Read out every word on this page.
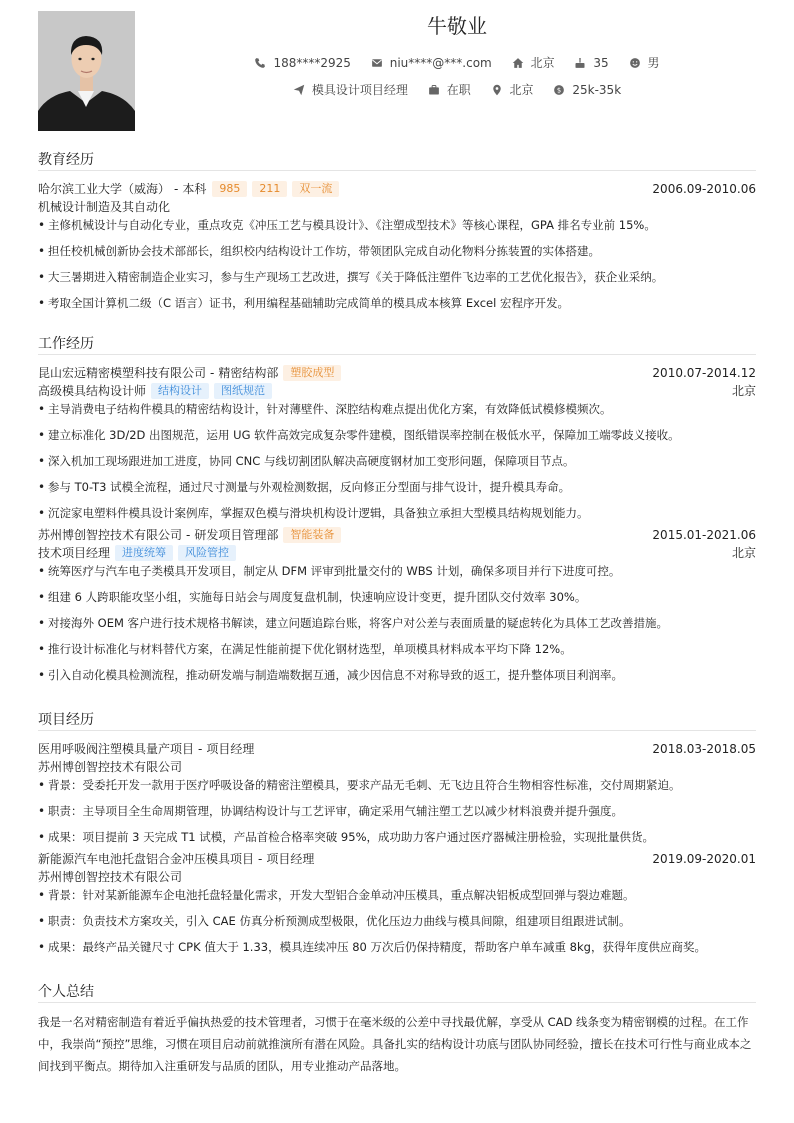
牛敬业
188****2925	niu****@***.com	北京	35	男
模具设计项目经理	在职	北京	$ 25k-35k
教育经历
哈尔滨工业大学（威海） - 本科	985	211	双一流	2006.09-2010.06
机械设计制造及其自动化
• 主修机械设计与自动化专业，重点攻克《冲压工艺与模具设计》、《注塑成型技术》等核心课程，GPA 排名专业前 15%。
• 担任校机械创新协会技术部部长，组织校内结构设计工作坊，带领团队完成自动化物料分拣装置的实体搭建。
• 大三暑期进入精密制造企业实习，参与生产现场工艺改进，撰写《关于降低注塑件飞边率的工艺优化报告》，获企业采纳。
• 考取全国计算机二级（C 语言）证书，利用编程基础辅助完成简单的模具成本核算 Excel 宏程序开发。
工作经历
昆山宏远精密模塑科技有限公司 - 精密结构部	塑胶成型	2010.07-2014.12
高级模具结构设计师	结构设计	图纸规范	北京
• 主导消费电子结构件模具的精密结构设计，针对薄壁件、深腔结构难点提出优化方案，有效降低试模修模频次。
• 建立标准化 3D/2D 出图规范，运用 UG 软件高效完成复杂零件建模，图纸错误率控制在极低水平，保障加工端零歧义接收。
• 深入机加工现场跟进加工进度，协同 CNC 与线切割团队解决高硬度钢材加工变形问题，保障项目节点。
• 参与 T0-T3 试模全流程，通过尺寸测量与外观检测数据，反向修正分型面与排气设计，提升模具寿命。
• 沉淀家电塑料件模具设计案例库，掌握双色模与滑块机构设计逻辑，具备独立承担大型模具结构规划能力。
苏州博创智控技术有限公司 - 研发项目管理部	智能装备	2015.01-2021.06
技术项目经理	进度统筹	风险管控	北京
• 统筹医疗与汽车电子类模具开发项目，制定从 DFM 评审到批量交付的 WBS 计划，确保多项目并行下进度可控。
• 组建 6 人跨职能攻坚小组，实施每日站会与周度复盘机制，快速响应设计变更，提升团队交付效率 30%。
• 对接海外 OEM 客户进行技术规格书解读，建立问题追踪台账，将客户对公差与表面质量的疑虑转化为具体工艺改善措施。
• 推行设计标准化与材料替代方案，在满足性能前提下优化钢材选型，单项模具材料成本平均下降 12%。
• 引入自动化模具检测流程，推动研发端与制造端数据互通，减少因信息不对称导致的返工，提升整体项目利润率。
项目经历
医用呼吸阀注塑模具量产项目 - 项目经理	2018.03-2018.05
苏州博创智控技术有限公司
• 背景：受委托开发一款用于医疗呼吸设备的精密注塑模具，要求产品无毛刺、无飞边且符合生物相容性标准，交付周期紧迫。
• 职责：主导项目全生命周期管理，协调结构设计与工艺评审，确定采用气辅注塑工艺以减少材料浪费并提升强度。
• 成果：项目提前 3 天完成 T1 试模，产品首检合格率突破 95%，成功助力客户通过医疗器械注册检验，实现批量供货。
新能源汽车电池托盘铝合金冲压模具项目 - 项目经理	2019.09-2020.01
苏州博创智控技术有限公司
• 背景：针对某新能源车企电池托盘轻量化需求，开发大型铝合金单动冲压模具，重点解决铝板成型回弹与裂边难题。
• 职责：负责技术方案攻关，引入 CAE 仿真分析预测成型极限，优化压边力曲线与模具间隙，组建项目组跟进试制。
• 成果：最终产品关键尺寸 CPK 值大于 1.33，模具连续冲压 80 万次后仍保持精度，帮助客户单车减重 8kg，获得年度供应商奖。
个人总结
我是一名对精密制造有着近乎偏执热爱的技术管理者，习惯于在毫米级的公差中寻找最优解，享受从 CAD 线条变为精密钢模的过程。在工作中，我崇尚“预控”思维，习惯在项目启动前就推演所有潜在风险。具备扎实的结构设计功底与团队协同经验，擅长在技术可行性与商业成本之间找到平衡点。期待加入注重研发与品质的团队，用专业推动产品落地。
